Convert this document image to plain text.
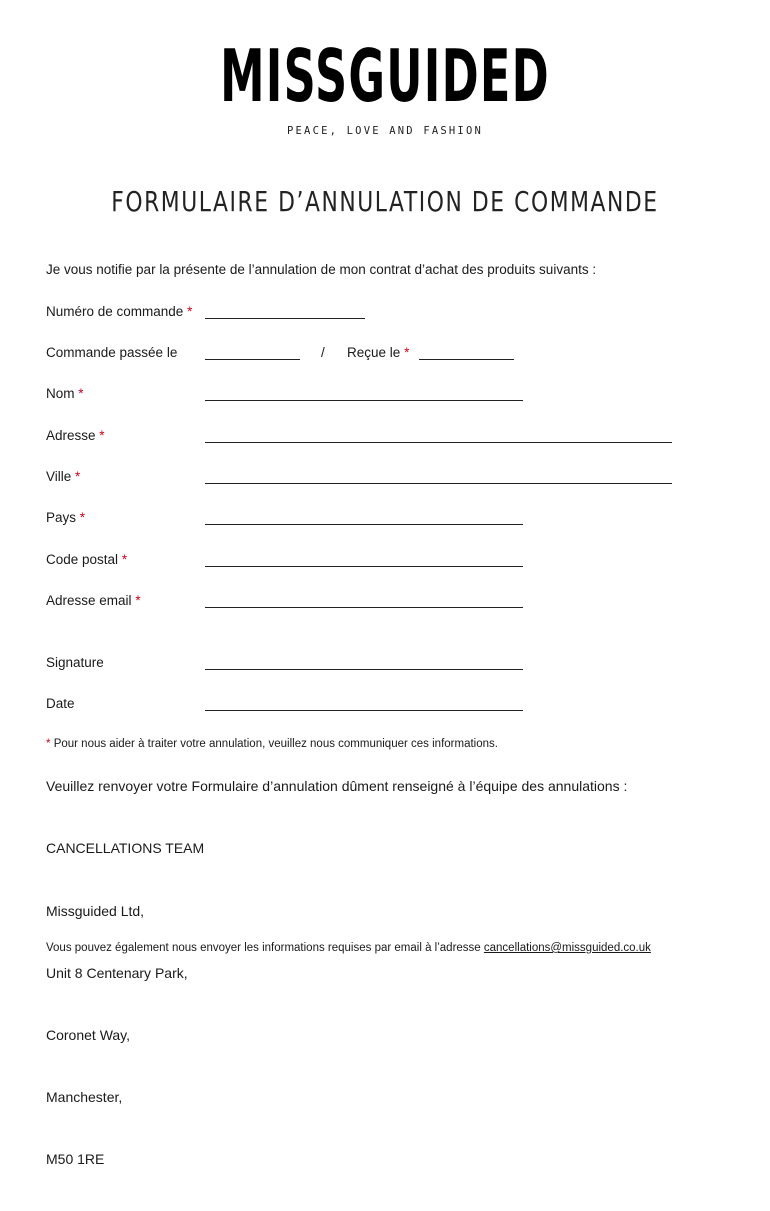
MISSGUIDED
PEACE, LOVE AND FASHION
FORMULAIRE D’ANNULATION DE COMMANDE
Je vous notifie par la présente de l’annulation de mon contrat d’achat des produits suivants :
Numéro de commande *
Commande passée le	/ Reçue le *
Nom *
Adresse *
Ville *
Pays *
Code postal *
Adresse email *
Signature
Date
* Pour nous aider à traiter votre annulation, veuillez nous communiquer ces informations.
Veuillez renvoyer votre Formulaire d’annulation dûment renseigné à l’équipe des annulations :

CANCELLATIONS TEAM

Missguided Ltd,

Unit 8 Centenary Park,

Coronet Way,

Manchester,

M50 1RE

Vous pouvez également nous envoyer les informations requises par email à l’adresse cancellations@missguided.co.uk
